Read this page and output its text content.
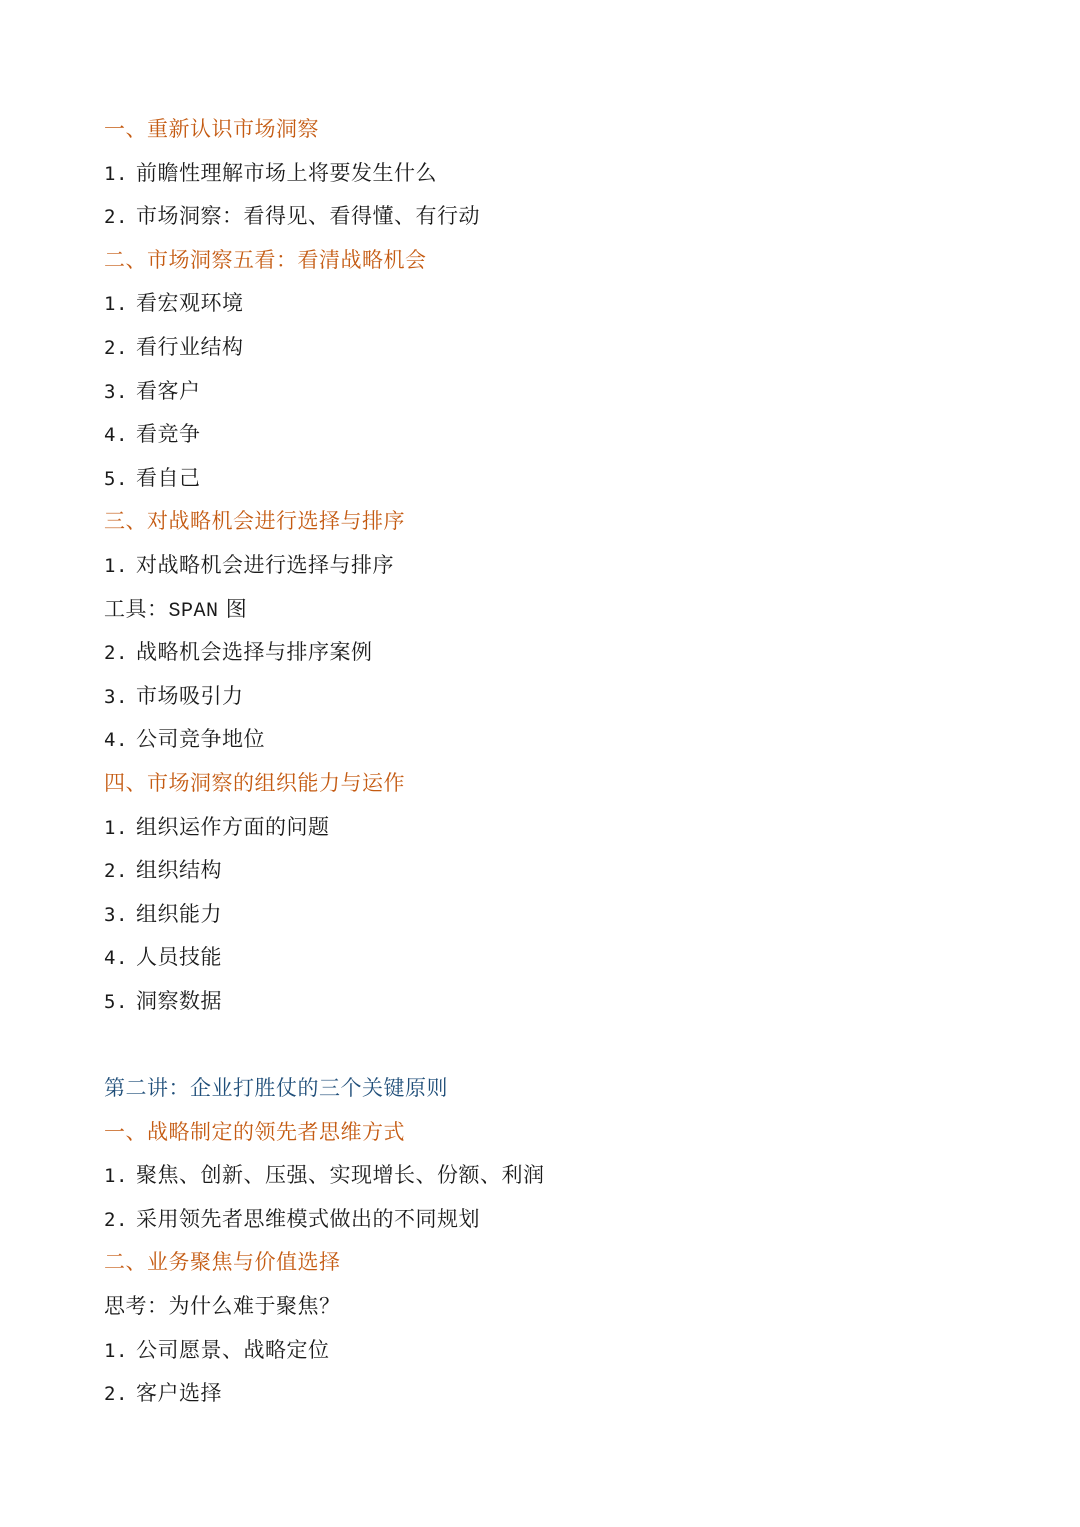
一、重新认识市场洞察
1. 前瞻性理解市场上将要发生什么
2. 市场洞察：看得见、看得懂、有行动
二、市场洞察五看：看清战略机会
1. 看宏观环境
2. 看行业结构
3. 看客户
4. 看竞争
5. 看自己
三、对战略机会进行选择与排序
1. 对战略机会进行选择与排序
工具：SPAN 图
2. 战略机会选择与排序案例
3. 市场吸引力
4. 公司竞争地位
四、市场洞察的组织能力与运作
1. 组织运作方面的问题
2. 组织结构
3. 组织能力
4. 人员技能
5. 洞察数据
第二讲：企业打胜仗的三个关键原则
一、战略制定的领先者思维方式
1. 聚焦、创新、压强、实现增长、份额、利润
2. 采用领先者思维模式做出的不同规划
二、业务聚焦与价值选择
思考：为什么难于聚焦？
1. 公司愿景、战略定位
2. 客户选择
